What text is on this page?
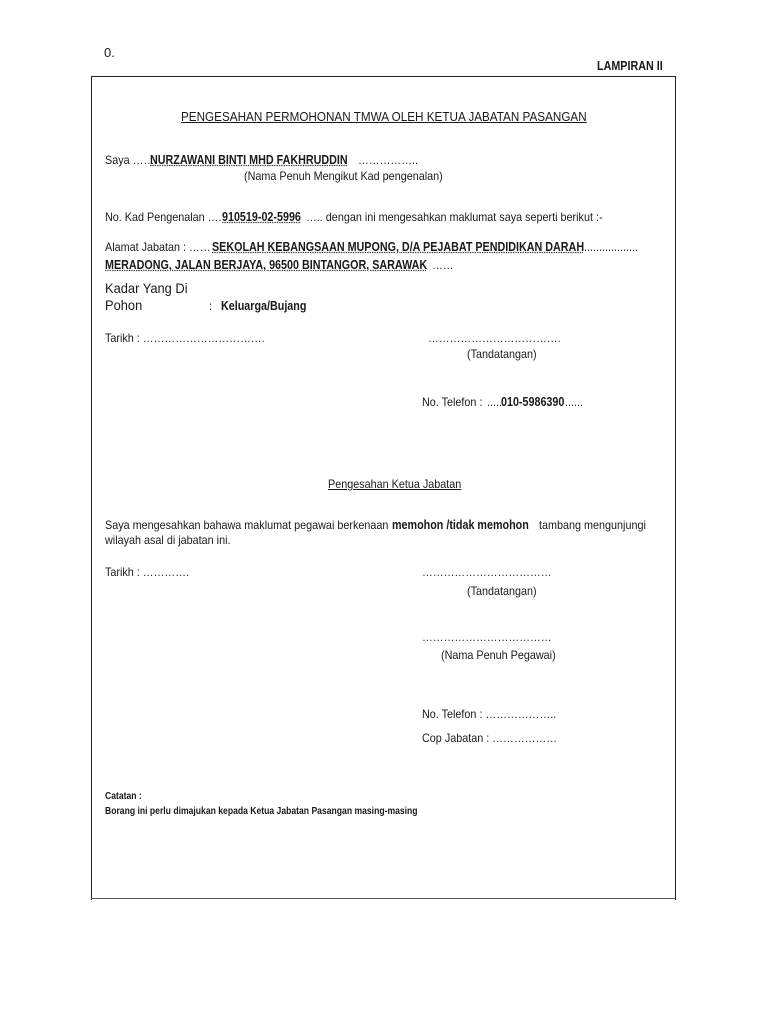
0.
LAMPIRAN II
PENGESAHAN PERMOHONAN TMWA OLEH KETUA JABATAN PASANGAN
Saya ……NURZAWANI BINTI MHD FAKHRUDDIN ……………..
(Nama Penuh Mengikut Kad pengenalan)
No. Kad Pengenalan ….910519-02-5996 ….. dengan ini mengesahkan maklumat saya seperti berikut :-
Alamat Jabatan : …… SEKOLAH KEBANGSAAN MUPONG, D/A PEJABAT PENDIDIKAN DARAH...................
MERADONG, JALAN BERJAYA, 96500 BINTANGOR, SARAWAK ……
Kadar Yang Di
Pohon	: Keluarga/Bujang
Tarikh : …………………………….	……………………………….
(Tandatangan)
No. Telefon : ......010-5986390......
Pengesahan Ketua Jabatan
Saya mengesahkan bahawa maklumat pegawai berkenaanmemohon /tidak memohontambang mengunjungi
wilayah asal di jabatan ini.
Tarikh : ………….	………………………………
(Tandatangan)
………………………………
(Nama Penuh Pegawai)
No. Telefon : ………………..
Cop Jabatan : ………………
Catatan :
Borang ini perlu dimajukan kepada Ketua Jabatan Pasangan masing-masing
